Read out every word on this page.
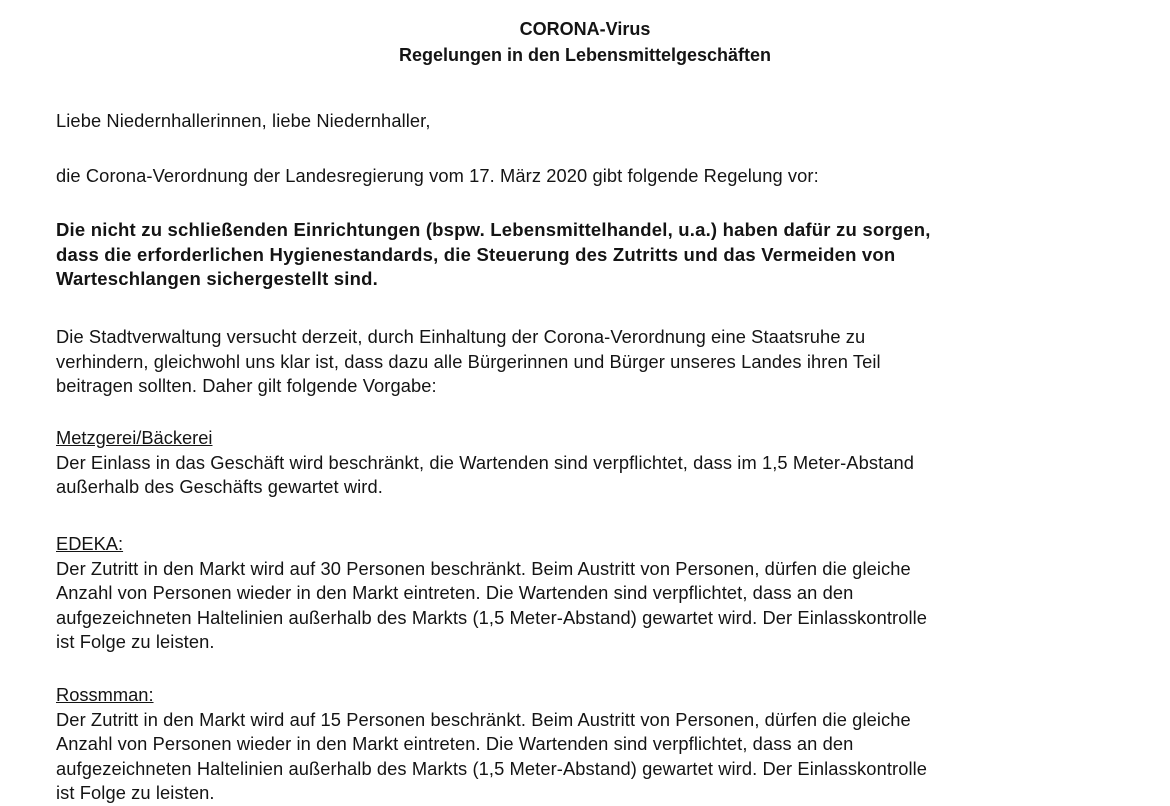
CORONA-Virus
Regelungen in den Lebensmittelgeschäften

Liebe Niedernhallerinnen, liebe Niedernhaller,

die Corona-Verordnung der Landesregierung vom 17. März 2020 gibt folgende Regelung vor:

Die nicht zu schließenden Einrichtungen (bspw. Lebensmittelhandel, u.a.) haben dafür zu sorgen,
dass die erforderlichen Hygienestandards, die Steuerung des Zutritts und das Vermeiden von
Warteschlangen sichergestellt sind.

Die Stadtverwaltung versucht derzeit, durch Einhaltung der Corona-Verordnung eine Staatsruhe zu

verhindern, gleichwohl uns klar ist, dass dazu alle Bürgerinnen und Bürger unseres Landes ihren Teil

beitragen sollten. Daher gilt folgende Vorgabe:

Metzgerei/Bäckerei

Der Einlass in das Geschäft wird beschränkt, die Wartenden sind verpflichtet, dass im 1,5 Meter-Abstand

außerhalb des Geschäfts gewartet wird.

EDEKA:

Der Zutritt in den Markt wird auf 30 Personen beschränkt. Beim Austritt von Personen, dürfen die gleiche

Anzahl von Personen wieder in den Markt eintreten. Die Wartenden sind verpflichtet, dass an den

aufgezeichneten Haltelinien außerhalb des Markts (1,5 Meter-Abstand) gewartet wird. Der Einlasskontrolle

ist Folge zu leisten.

Rossmman:

Der Zutritt in den Markt wird auf 15 Personen beschränkt. Beim Austritt von Personen, dürfen die gleiche

Anzahl von Personen wieder in den Markt eintreten. Die Wartenden sind verpflichtet, dass an den

aufgezeichneten Haltelinien außerhalb des Markts (1,5 Meter-Abstand) gewartet wird. Der Einlasskontrolle

ist Folge zu leisten.
